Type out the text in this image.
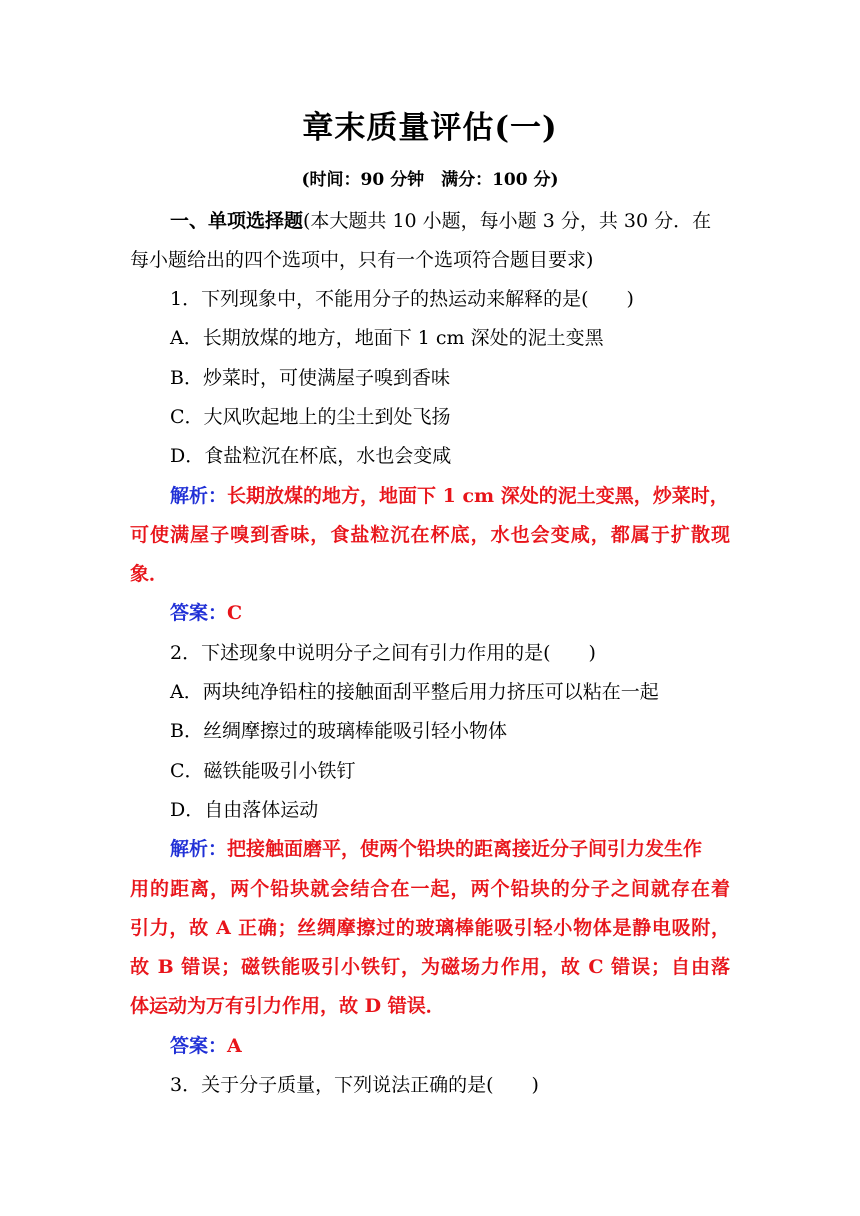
章末质量评估(一)
(时间：90 分钟　满分：100 分)
一、单项选择题(本大题共 10 小题，每小题 3 分，共 30 分．在
每小题给出的四个选项中，只有一个选项符合题目要求)
1．下列现象中，不能用分子的热运动来解释的是(　　)
A．长期放煤的地方，地面下 1 cm 深处的泥土变黑
B．炒菜时，可使满屋子嗅到香味
C．大风吹起地上的尘土到处飞扬
D．食盐粒沉在杯底，水也会变咸
解析：长期放煤的地方，地面下 1 cm 深处的泥土变黑，炒菜时，
可使满屋子嗅到香味，食盐粒沉在杯底，水也会变咸，都属于扩散现
象．
答案：C
2．下述现象中说明分子之间有引力作用的是(　　)
A．两块纯净铅柱的接触面刮平整后用力挤压可以粘在一起
B．丝绸摩擦过的玻璃棒能吸引轻小物体
C．磁铁能吸引小铁钉
D．自由落体运动
解析：把接触面磨平，使两个铅块的距离接近分子间引力发生作
用的距离，两个铅块就会结合在一起，两个铅块的分子之间就存在着
引力，故 A 正确；丝绸摩擦过的玻璃棒能吸引轻小物体是静电吸附，
故 B 错误；磁铁能吸引小铁钉，为磁场力作用，故 C 错误；自由落
体运动为万有引力作用，故 D 错误．
答案：A
3．关于分子质量，下列说法正确的是(　　)
